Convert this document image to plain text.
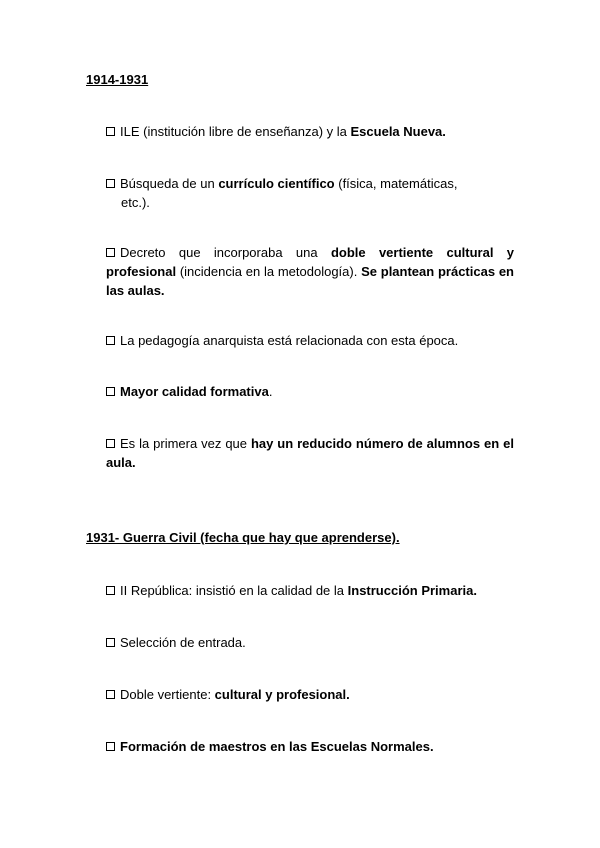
1914-1931

ILE (institución libre de enseñanza) y la Escuela Nueva.

Búsqueda de un currículo científico (física, matemáticas,
etc.).

Decreto que incorporaba una doble vertiente cultural y profesional (incidencia en la metodología). Se plantean prácticas en las aulas.

La pedagogía anarquista está relacionada con esta época.

Mayor calidad formativa.

Es la primera vez que hay un reducido número de alumnos en el aula.

1931- Guerra Civil (fecha que hay que aprenderse).

II República: insistió en la calidad de la Instrucción Primaria.

Selección de entrada.

Doble vertiente: cultural y profesional.

Formación de maestros en las Escuelas Normales.
